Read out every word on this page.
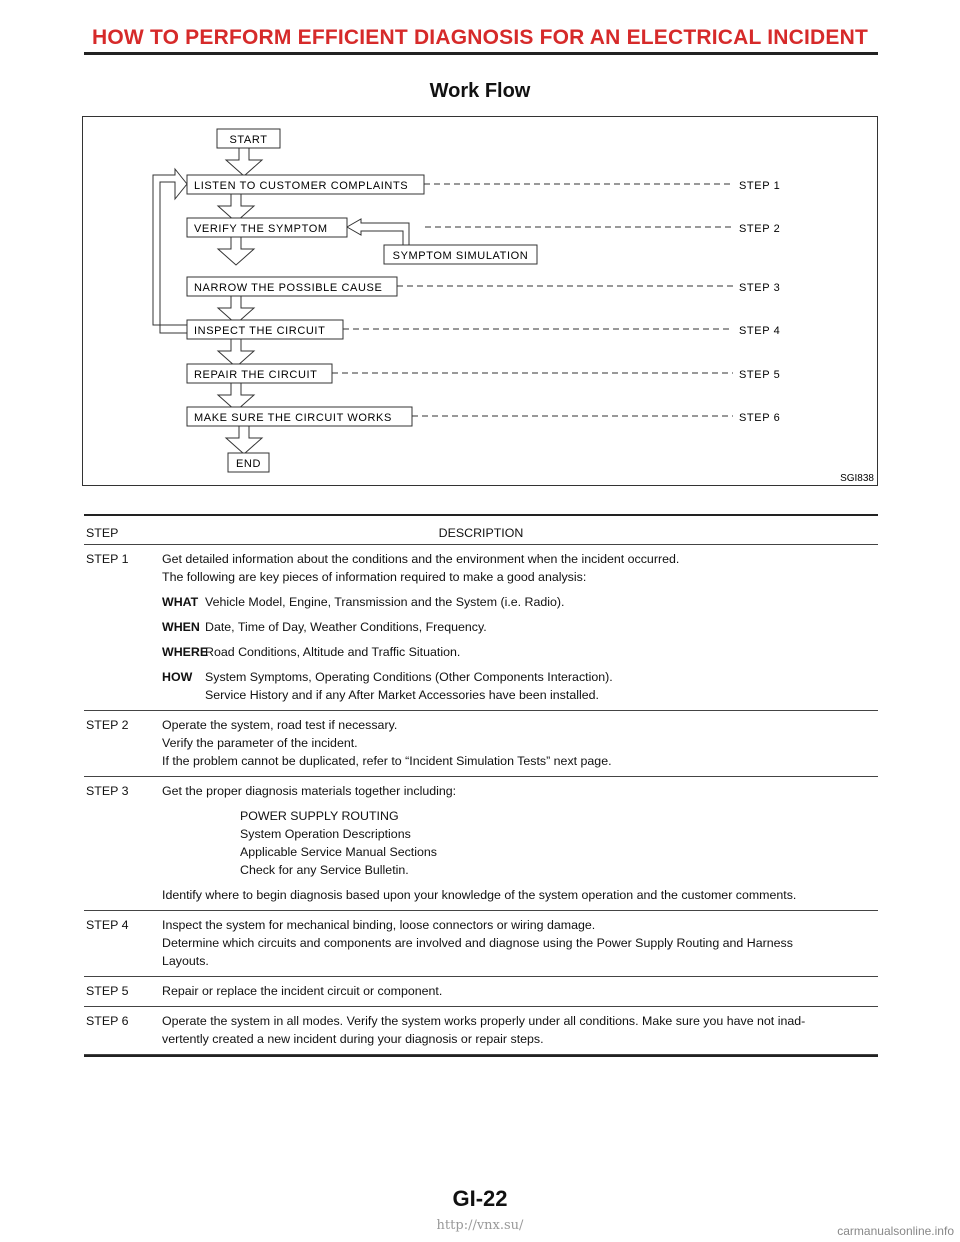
HOW TO PERFORM EFFICIENT DIAGNOSIS FOR AN ELECTRICAL INCIDENT
Work Flow
START
LISTEN TO CUSTOMER COMPLAINTS	STEP 1
VERIFY THE SYMPTOM	STEP 2
SYMPTOM SIMULATION
NARROW THE POSSIBLE CAUSE	STEP 3
INSPECT THE CIRCUIT	STEP 4
REPAIR THE CIRCUIT	STEP 5
MAKE SURE THE CIRCUIT WORKS	STEP 6
END
SGI838
STEP	DESCRIPTION
STEP 1	Get detailed information about the conditions and the environment when the incident occurred.
The following are key pieces of information required to make a good analysis:
WHAT Vehicle Model, Engine, Transmission and the System (i.e. Radio).
WHEN Date, Time of Day, Weather Conditions, Frequency.
WHERE
Road Conditions, Altitude and Traffic Situation.
HOW	System Symptoms, Operating Conditions (Other Components Interaction).
Service History and if any After Market Accessories have been installed.
STEP 2	Operate the system, road test if necessary.
Verify the parameter of the incident.
If the problem cannot be duplicated, refer to “Incident Simulation Tests” next page.
STEP 3	Get the proper diagnosis materials together including:
POWER SUPPLY ROUTING
System Operation Descriptions
Applicable Service Manual Sections
Check for any Service Bulletin.
Identify where to begin diagnosis based upon your knowledge of the system operation and the customer comments.
STEP 4	Inspect the system for mechanical binding, loose connectors or wiring damage.
Determine which circuits and components are involved and diagnose using the Power Supply Routing and Harness
Layouts.
STEP 5	Repair or replace the incident circuit or component.
STEP 6	Operate the system in all modes. Verify the system works properly under all conditions. Make sure you have not inad-
vertently created a new incident during your diagnosis or repair steps.
GI-22
http://vnx.su/	carmanualsonline.info
